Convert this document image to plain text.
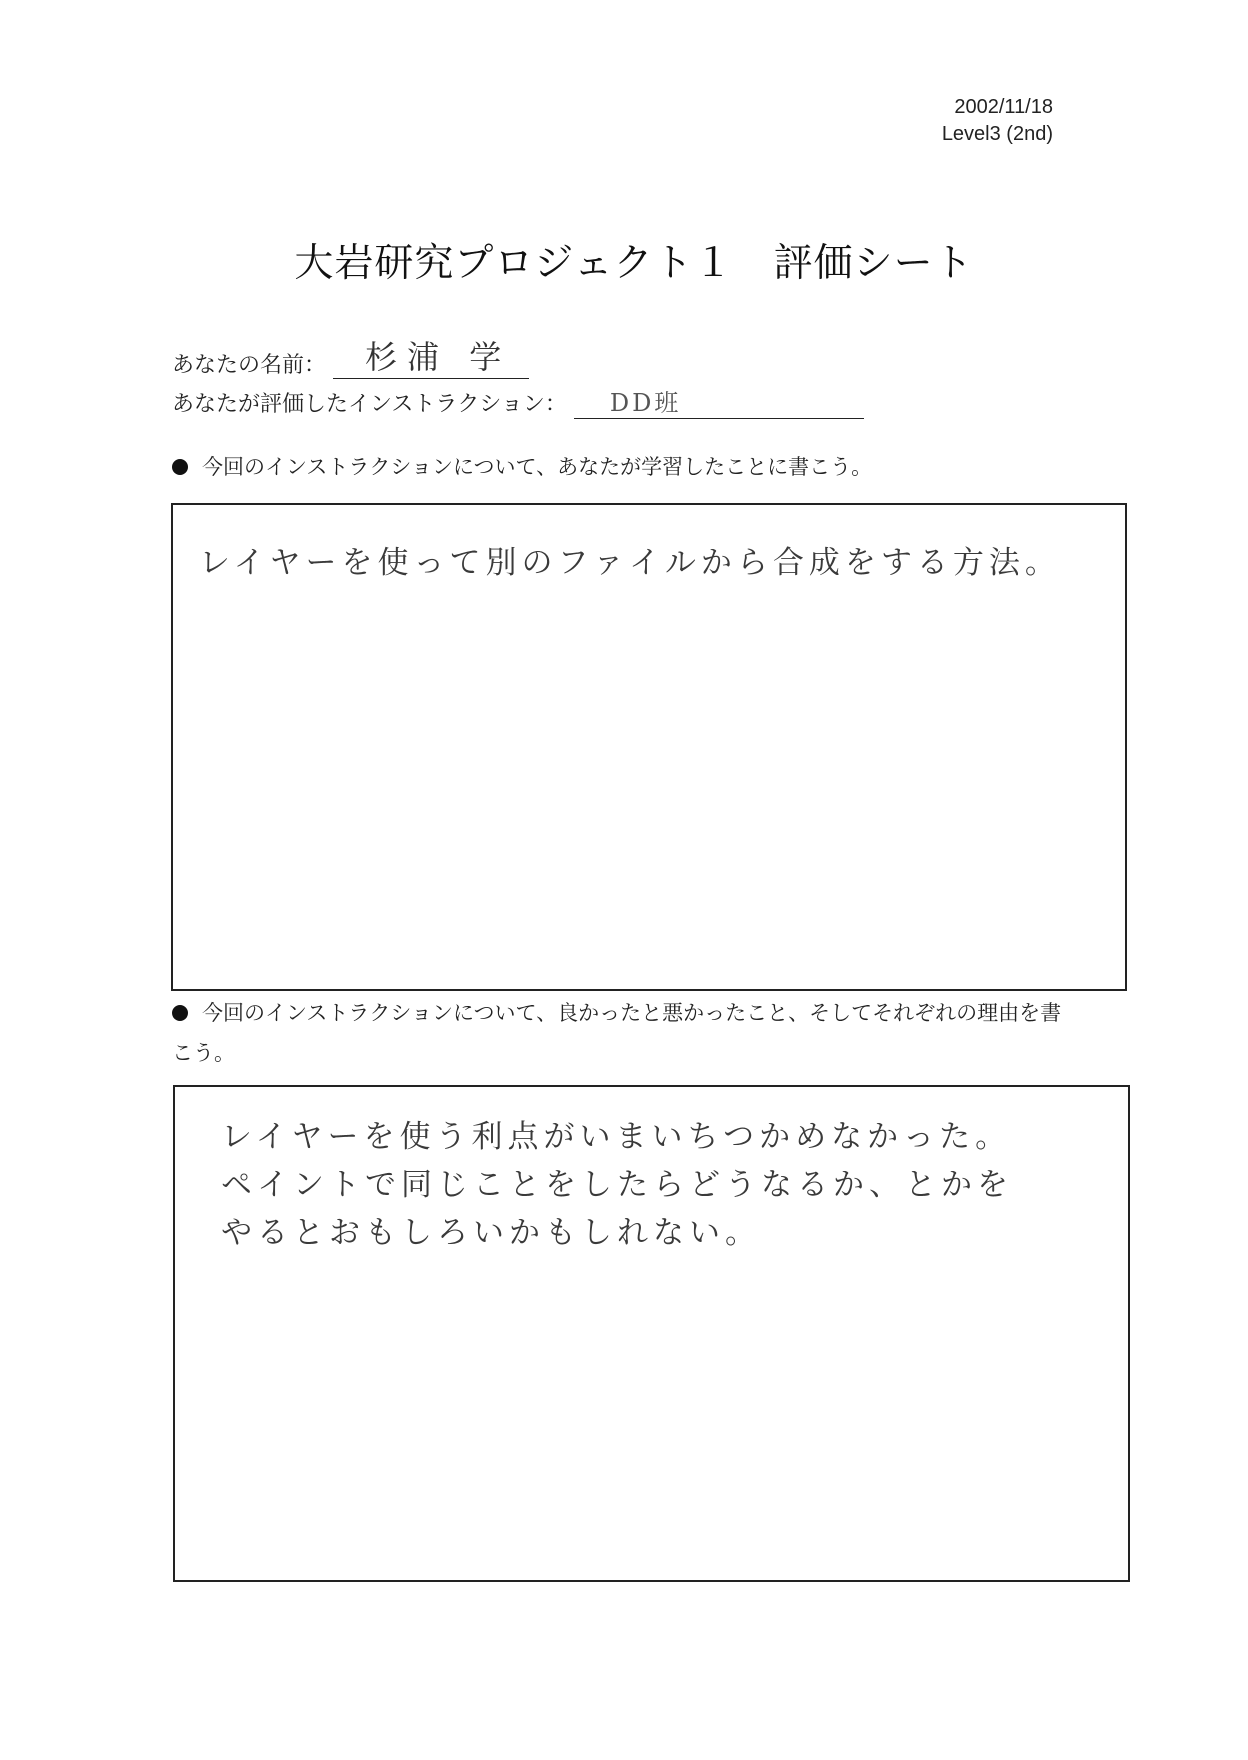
2002/11/18
Level3 (2nd)
大岩研究プロジェクト１　評価シート
あなたの名前： 杉浦 学
あなたが評価したインストラクション： DD班
今回のインストラクションについて、あなたが学習したことに書こう。
レイヤーを使って別のファイルから合成をする方法。
今回のインストラクションについて、良かったと悪かったこと、そしてそれぞれの理由を書こう。
レイヤーを使う利点がいまいちつかめなかった。
ペイントで同じことをしたらどうなるか、とかを
やるとおもしろいかもしれない。
